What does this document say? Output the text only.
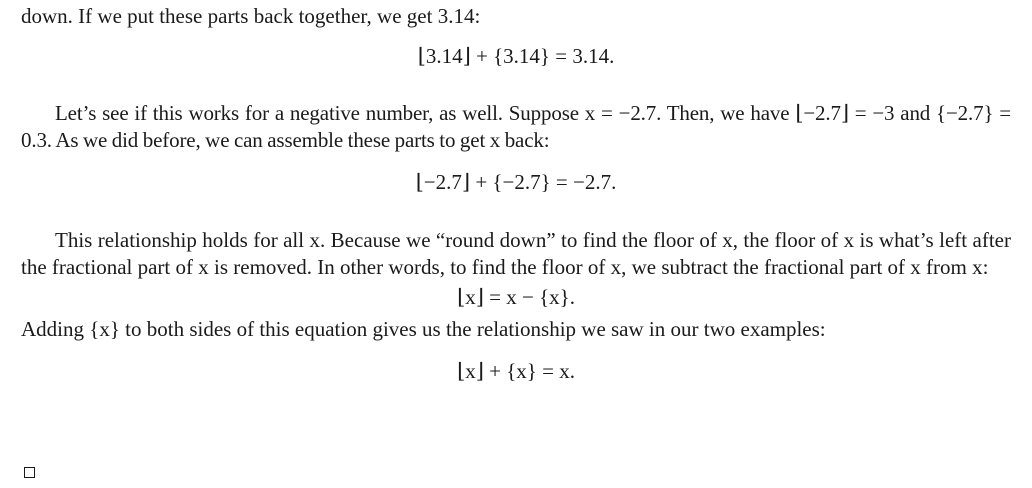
down. If we put these parts back together, we get 3.14:

⌊3.14⌋ + {3.14} = 3.14.

Let’s see if this works for a negative number, as well. Suppose x = −2.7. Then, we have ⌊−2.7⌋ = −3 and {−2.7} = 0.3. As we did before, we can assemble these parts to get x back:

⌊−2.7⌋ + {−2.7} = −2.7.

This relationship holds for all x. Because we “round down” to find the floor of x, the floor of x is what’s left after the fractional part of x is removed. In other words, to find the floor of x, we subtract the fractional part of x from x:

⌊x⌋ = x − {x}.

Adding {x} to both sides of this equation gives us the relationship we saw in our two examples:

⌊x⌋ + {x} = x.
